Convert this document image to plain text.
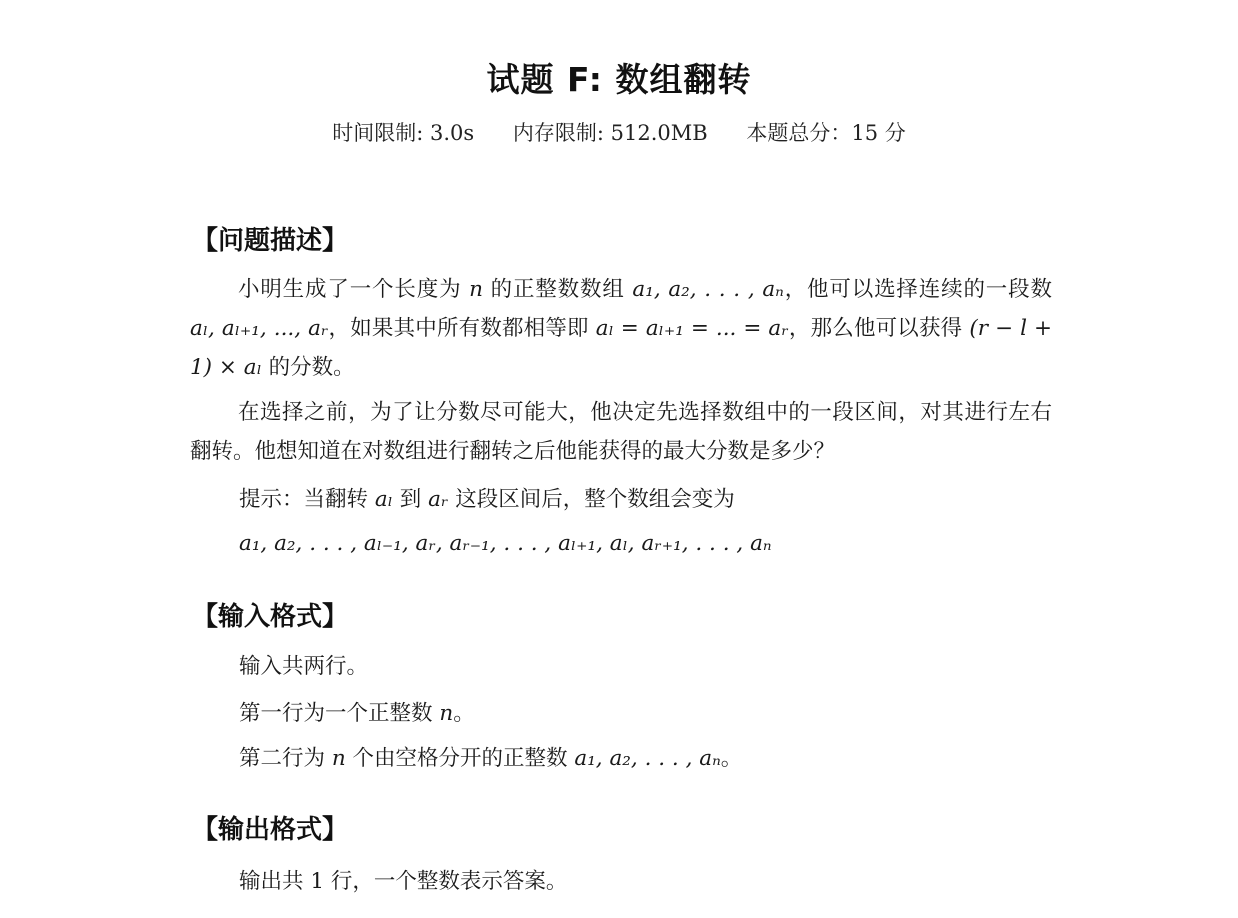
试题 F: 数组翻转
时间限制: 3.0s 内存限制: 512.0MB 本题总分：15 分
【问题描述】
小明生成了一个长度为 n 的正整数数组 a₁, a₂, . . . , aₙ，他可以选择连续的一段数 aₗ, aₗ₊₁, ..., aᵣ，如果其中所有数都相等即 aₗ = aₗ₊₁ = ... = aᵣ，那么他可以获得 (r − l + 1) × aₗ 的分数。
在选择之前，为了让分数尽可能大，他决定先选择数组中的一段区间，对其进行左右翻转。他想知道在对数组进行翻转之后他能获得的最大分数是多少？
提示：当翻转 aₗ 到 aᵣ 这段区间后，整个数组会变为
a₁, a₂, . . . , aₗ₋₁, aᵣ, aᵣ₋₁, . . . , aₗ₊₁, aₗ, aᵣ₊₁, . . . , aₙ
【输入格式】
输入共两行。
第一行为一个正整数 n。
第二行为 n 个由空格分开的正整数 a₁, a₂, . . . , aₙ。
【输出格式】
输出共 1 行，一个整数表示答案。
